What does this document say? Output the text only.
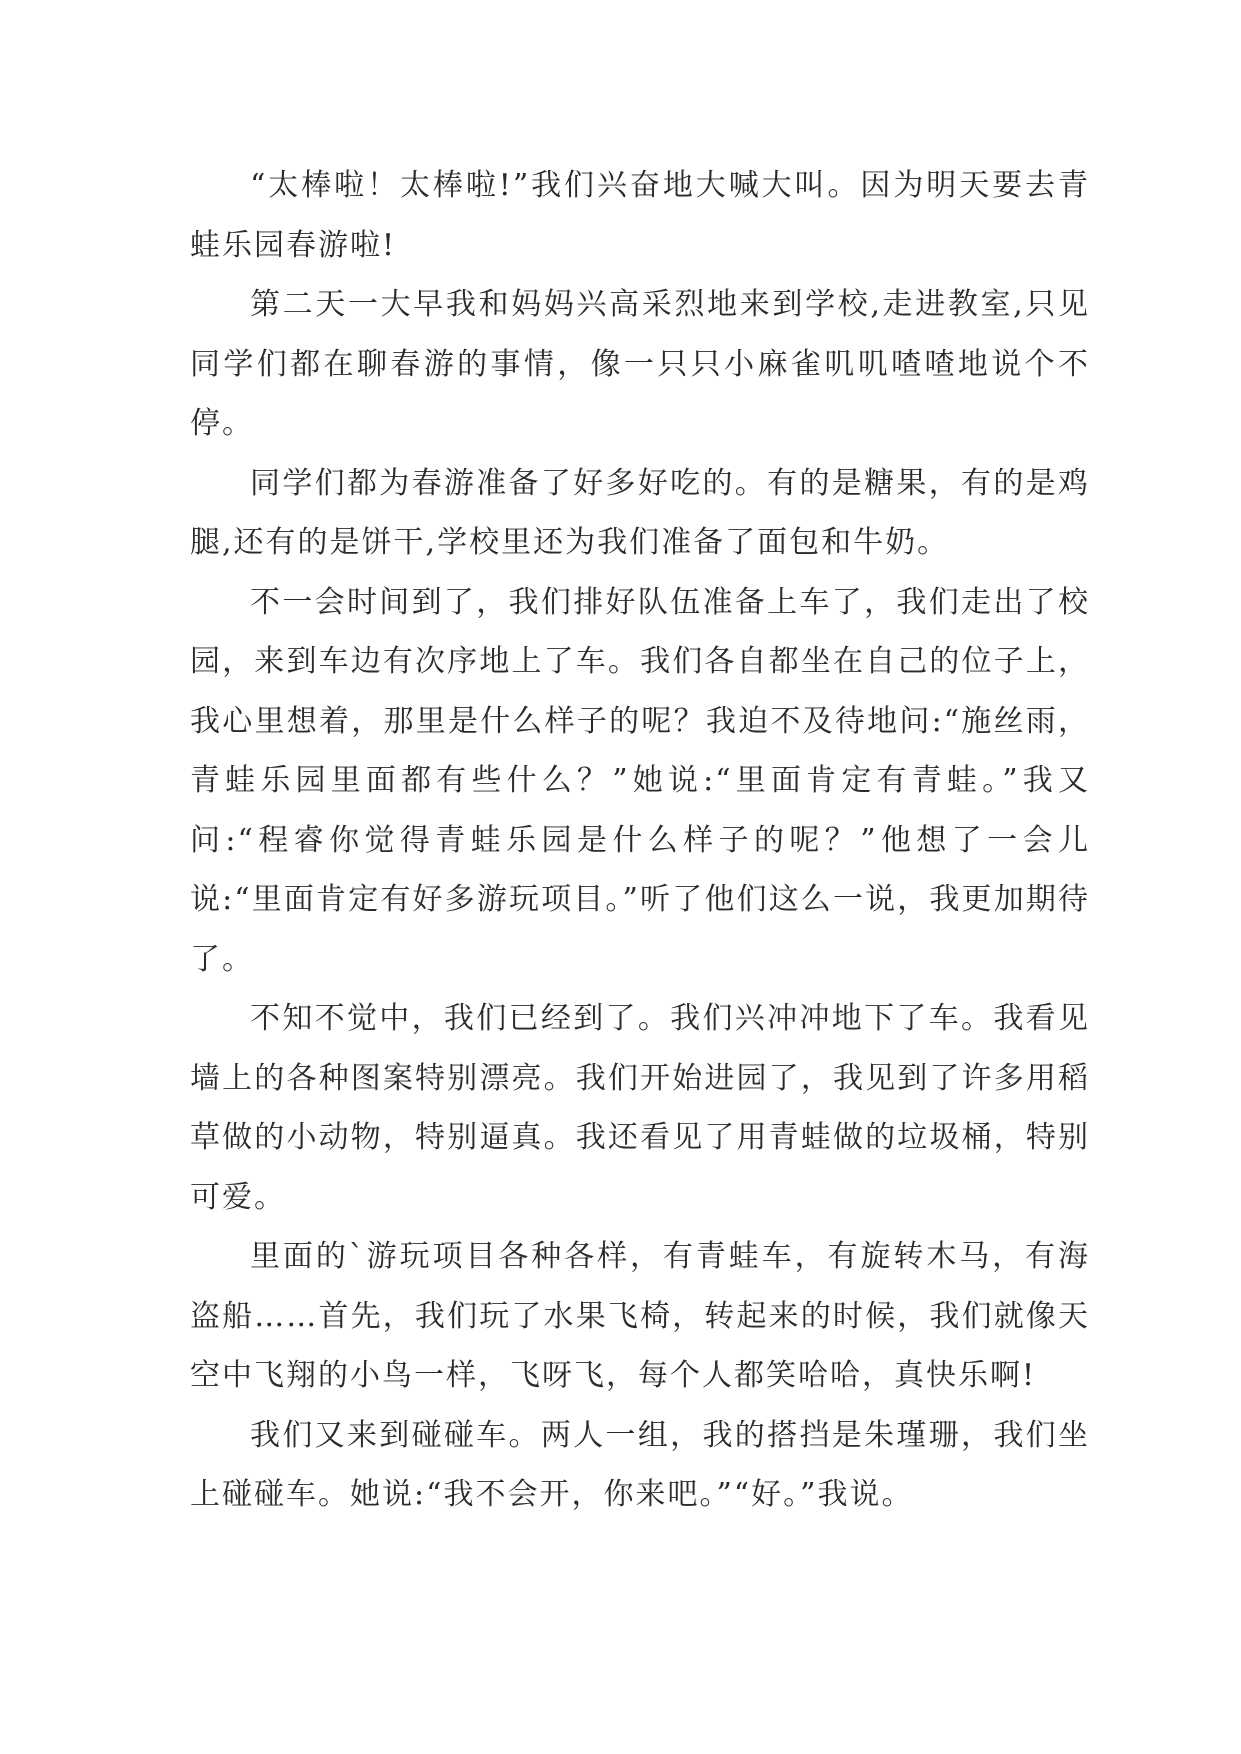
“太棒啦！太棒啦!”我们兴奋地大喊大叫。因为明天要去青蛙乐园春游啦!

第二天一大早我和妈妈兴高采烈地来到学校,走进教室,只见同学们都在聊春游的事情，像一只只小麻雀叽叽喳喳地说个不停。

同学们都为春游准备了好多好吃的。有的是糖果，有的是鸡腿,还有的是饼干,学校里还为我们准备了面包和牛奶。

不一会时间到了，我们排好队伍准备上车了，我们走出了校园，来到车边有次序地上了车。我们各自都坐在自己的位子上，我心里想着，那里是什么样子的呢？我迫不及待地问:“施丝雨，青蛙乐园里面都有些什么？”她说:“里面肯定有青蛙。”我又问:“程睿你觉得青蛙乐园是什么样子的呢？”他想了一会儿说:“里面肯定有好多游玩项目。”听了他们这么一说，我更加期待了。

不知不觉中，我们已经到了。我们兴冲冲地下了车。我看见墙上的各种图案特别漂亮。我们开始进园了，我见到了许多用稻草做的小动物，特别逼真。我还看见了用青蛙做的垃圾桶，特别可爱。

里面的`游玩项目各种各样，有青蛙车，有旋转木马，有海盗船……首先，我们玩了水果飞椅，转起来的时候，我们就像天空中飞翔的小鸟一样，飞呀飞，每个人都笑哈哈，真快乐啊!

我们又来到碰碰车。两人一组，我的搭挡是朱瑾珊，我们坐上碰碰车。她说:“我不会开，你来吧。”“好。”我说。
